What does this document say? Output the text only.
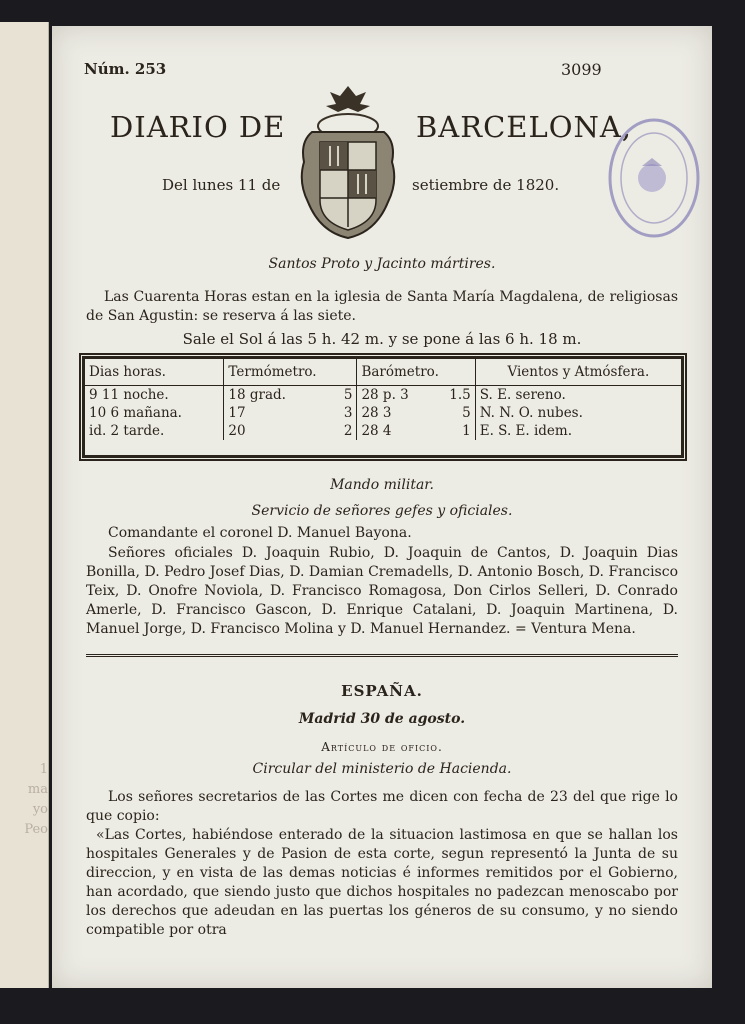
1
ma
yo
Peo
Núm. 253	3099
DIARIO DE	BARCELONA,
Del lunes 11 de	setiembre de 1820.
Santos Proto y Jacinto mártires.
Las Cuarenta Horas estan en la iglesia de Santa María Magdalena, de religiosas de San Agustin: se reserva á las siete.
Sale el Sol á las 5 h. 42 m. y se pone á las 6 h. 18 m.
Dias horas.	Termómetro.		Barómetro.		Vientos y Atmósfera.
9 11 noche.	18 grad.	5	28 p. 3	1.5	S. E. sereno.
10 6 mañana.	17	3	28 3	5	N. N. O. nubes.
id. 2 tarde.	20	2	28 4	1	E. S. E. idem.
Mando militar.
Servicio de señores gefes y oficiales.
Comandante el coronel D. Manuel Bayona.
Señores oficiales D. Joaquin Rubio, D. Joaquin de Cantos, D. Joaquin Dias Bonilla, D. Pedro Josef Dias, D. Damian Cremadells, D. Antonio Bosch, D. Francisco Teix, D. Onofre Noviola, D. Francisco Romagosa, Don Cirlos Selleri, D. Conrado Amerle, D. Francisco Gascon, D. Enrique Catalani, D. Joaquin Martinena, D. Manuel Jorge, D. Francisco Molina y D. Manuel Hernandez. = Ventura Mena.
ESPAÑA.
Madrid 30 de agosto.
Artículo de oficio.
Circular del ministerio de Hacienda.
Los señores secretarios de las Cortes me dicen con fecha de 23 del que rige lo que copio:
«Las Cortes, habiéndose enterado de la situacion lastimosa en que se hallan los hospitales Generales y de Pasion de esta corte, segun representó la Junta de su direccion, y en vista de las demas noticias é informes remitidos por el Gobierno, han acordado, que siendo justo que dichos hospitales no padezcan menoscabo por los derechos que adeudan en las puertas los géneros de su consumo, y no siendo compatible por otra
